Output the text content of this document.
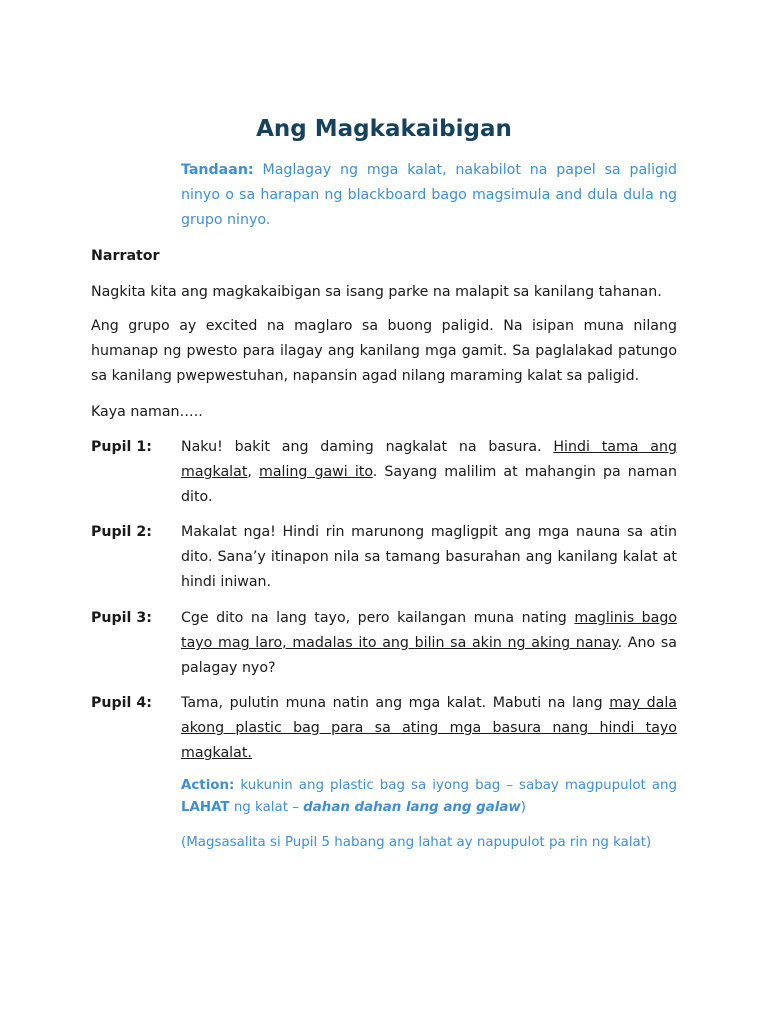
Ang Magkakaibigan
Tandaan: Maglagay ng mga kalat, nakabilot na papel sa paligid ninyo o sa harapan ng blackboard bago magsimula and dula dula ng grupo ninyo.
Narrator
Nagkita kita ang magkakaibigan sa isang parke na malapit sa kanilang tahanan.
Ang grupo ay excited na maglaro sa buong paligid. Na isipan muna nilang humanap ng pwesto para ilagay ang kanilang mga gamit. Sa paglalakad patungo sa kanilang pwepwestuhan, napansin agad nilang maraming kalat sa paligid.
Kaya naman…..
Pupil 1: Naku! bakit ang daming nagkalat na basura. Hindi tama ang magkalat, maling gawi ito. Sayang malilim at mahangin pa naman dito.
Pupil 2: Makalat nga! Hindi rin marunong magligpit ang mga nauna sa atin dito. Sana’y itinapon nila sa tamang basurahan ang kanilang kalat at hindi iniwan.
Pupil 3: Cge dito na lang tayo, pero kailangan muna nating maglinis bago tayo mag laro, madalas ito ang bilin sa akin ng aking nanay. Ano sa palagay nyo?
Pupil 4: Tama, pulutin muna natin ang mga kalat. Mabuti na lang may dala akong plastic bag para sa ating mga basura nang hindi tayo magkalat.
Action: kukunin ang plastic bag sa iyong bag – sabay magpupulot ang LAHAT ng kalat – dahan dahan lang ang galaw)
(Magsasalita si Pupil 5 habang ang lahat ay napupulot pa rin ng kalat)
